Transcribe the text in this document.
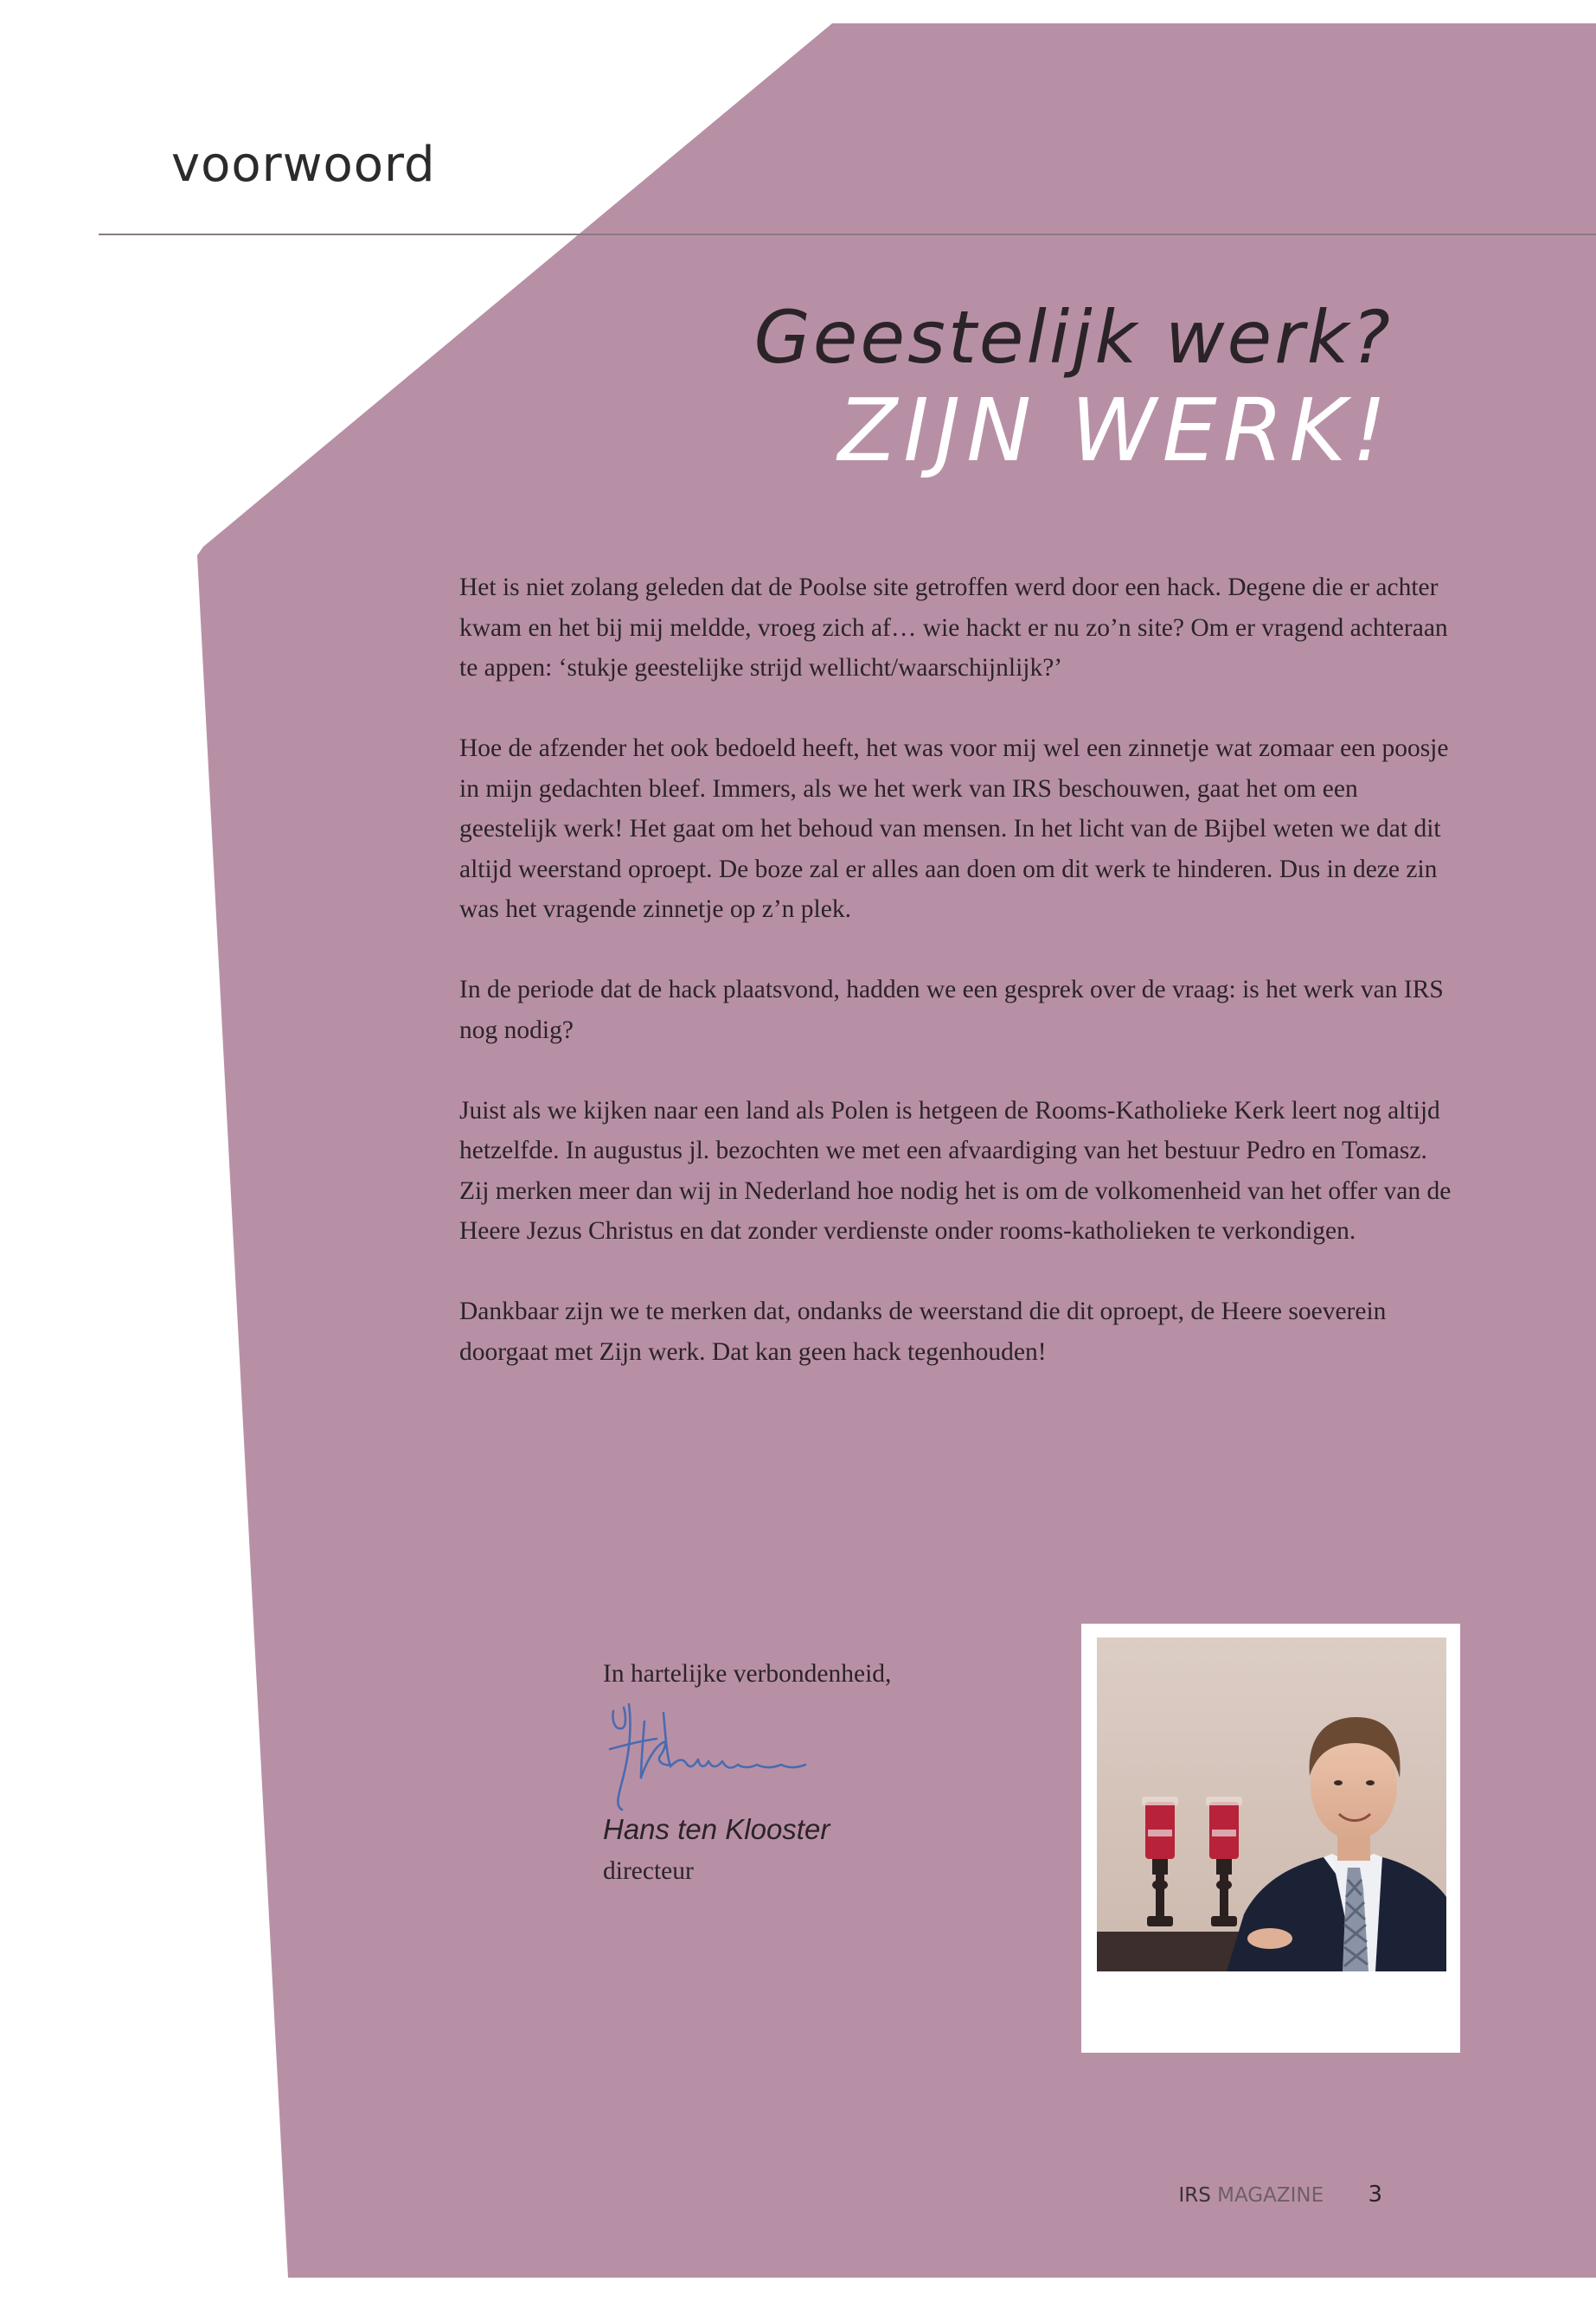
voorwoord
Geestelijk werk?
ZIJN WERK!

Het is niet zolang geleden dat de Poolse site getroffen werd door een hack. Degene die er achter kwam en het bij mij meldde, vroeg zich af… wie hackt er nu zo’n site? Om er vragend achteraan te appen: ‘stukje geestelijke strijd wellicht/waarschijnlijk?’

Hoe de afzender het ook bedoeld heeft, het was voor mij wel een zinnetje wat zomaar een poosje in mijn gedachten bleef. Immers, als we het werk van IRS beschouwen, gaat het om een geestelijk werk! Het gaat om het behoud van mensen. In het licht van de Bijbel weten we dat dit altijd weerstand oproept. De boze zal er alles aan doen om dit werk te hinderen. Dus in deze zin was het vragende zinnetje op z’n plek.

In de periode dat de hack plaatsvond, hadden we een gesprek over de vraag: is het werk van IRS nog nodig?

Juist als we kijken naar een land als Polen is hetgeen de Rooms-Katholieke Kerk leert nog altijd hetzelfde. In augustus jl. bezochten we met een afvaardiging van het bestuur Pedro en Tomasz. Zij merken meer dan wij in Nederland hoe nodig het is om de volkomenheid van het offer van de Heere Jezus Christus en dat zonder verdienste onder rooms-katholieken te verkondigen.

Dankbaar zijn we te merken dat, ondanks de weerstand die dit oproept, de Heere soeverein doorgaat met Zijn werk. Dat kan geen hack tegenhouden!

In hartelijke verbondenheid,
Hans ten Klooster
directeur
IRS MAGAZINE 3
